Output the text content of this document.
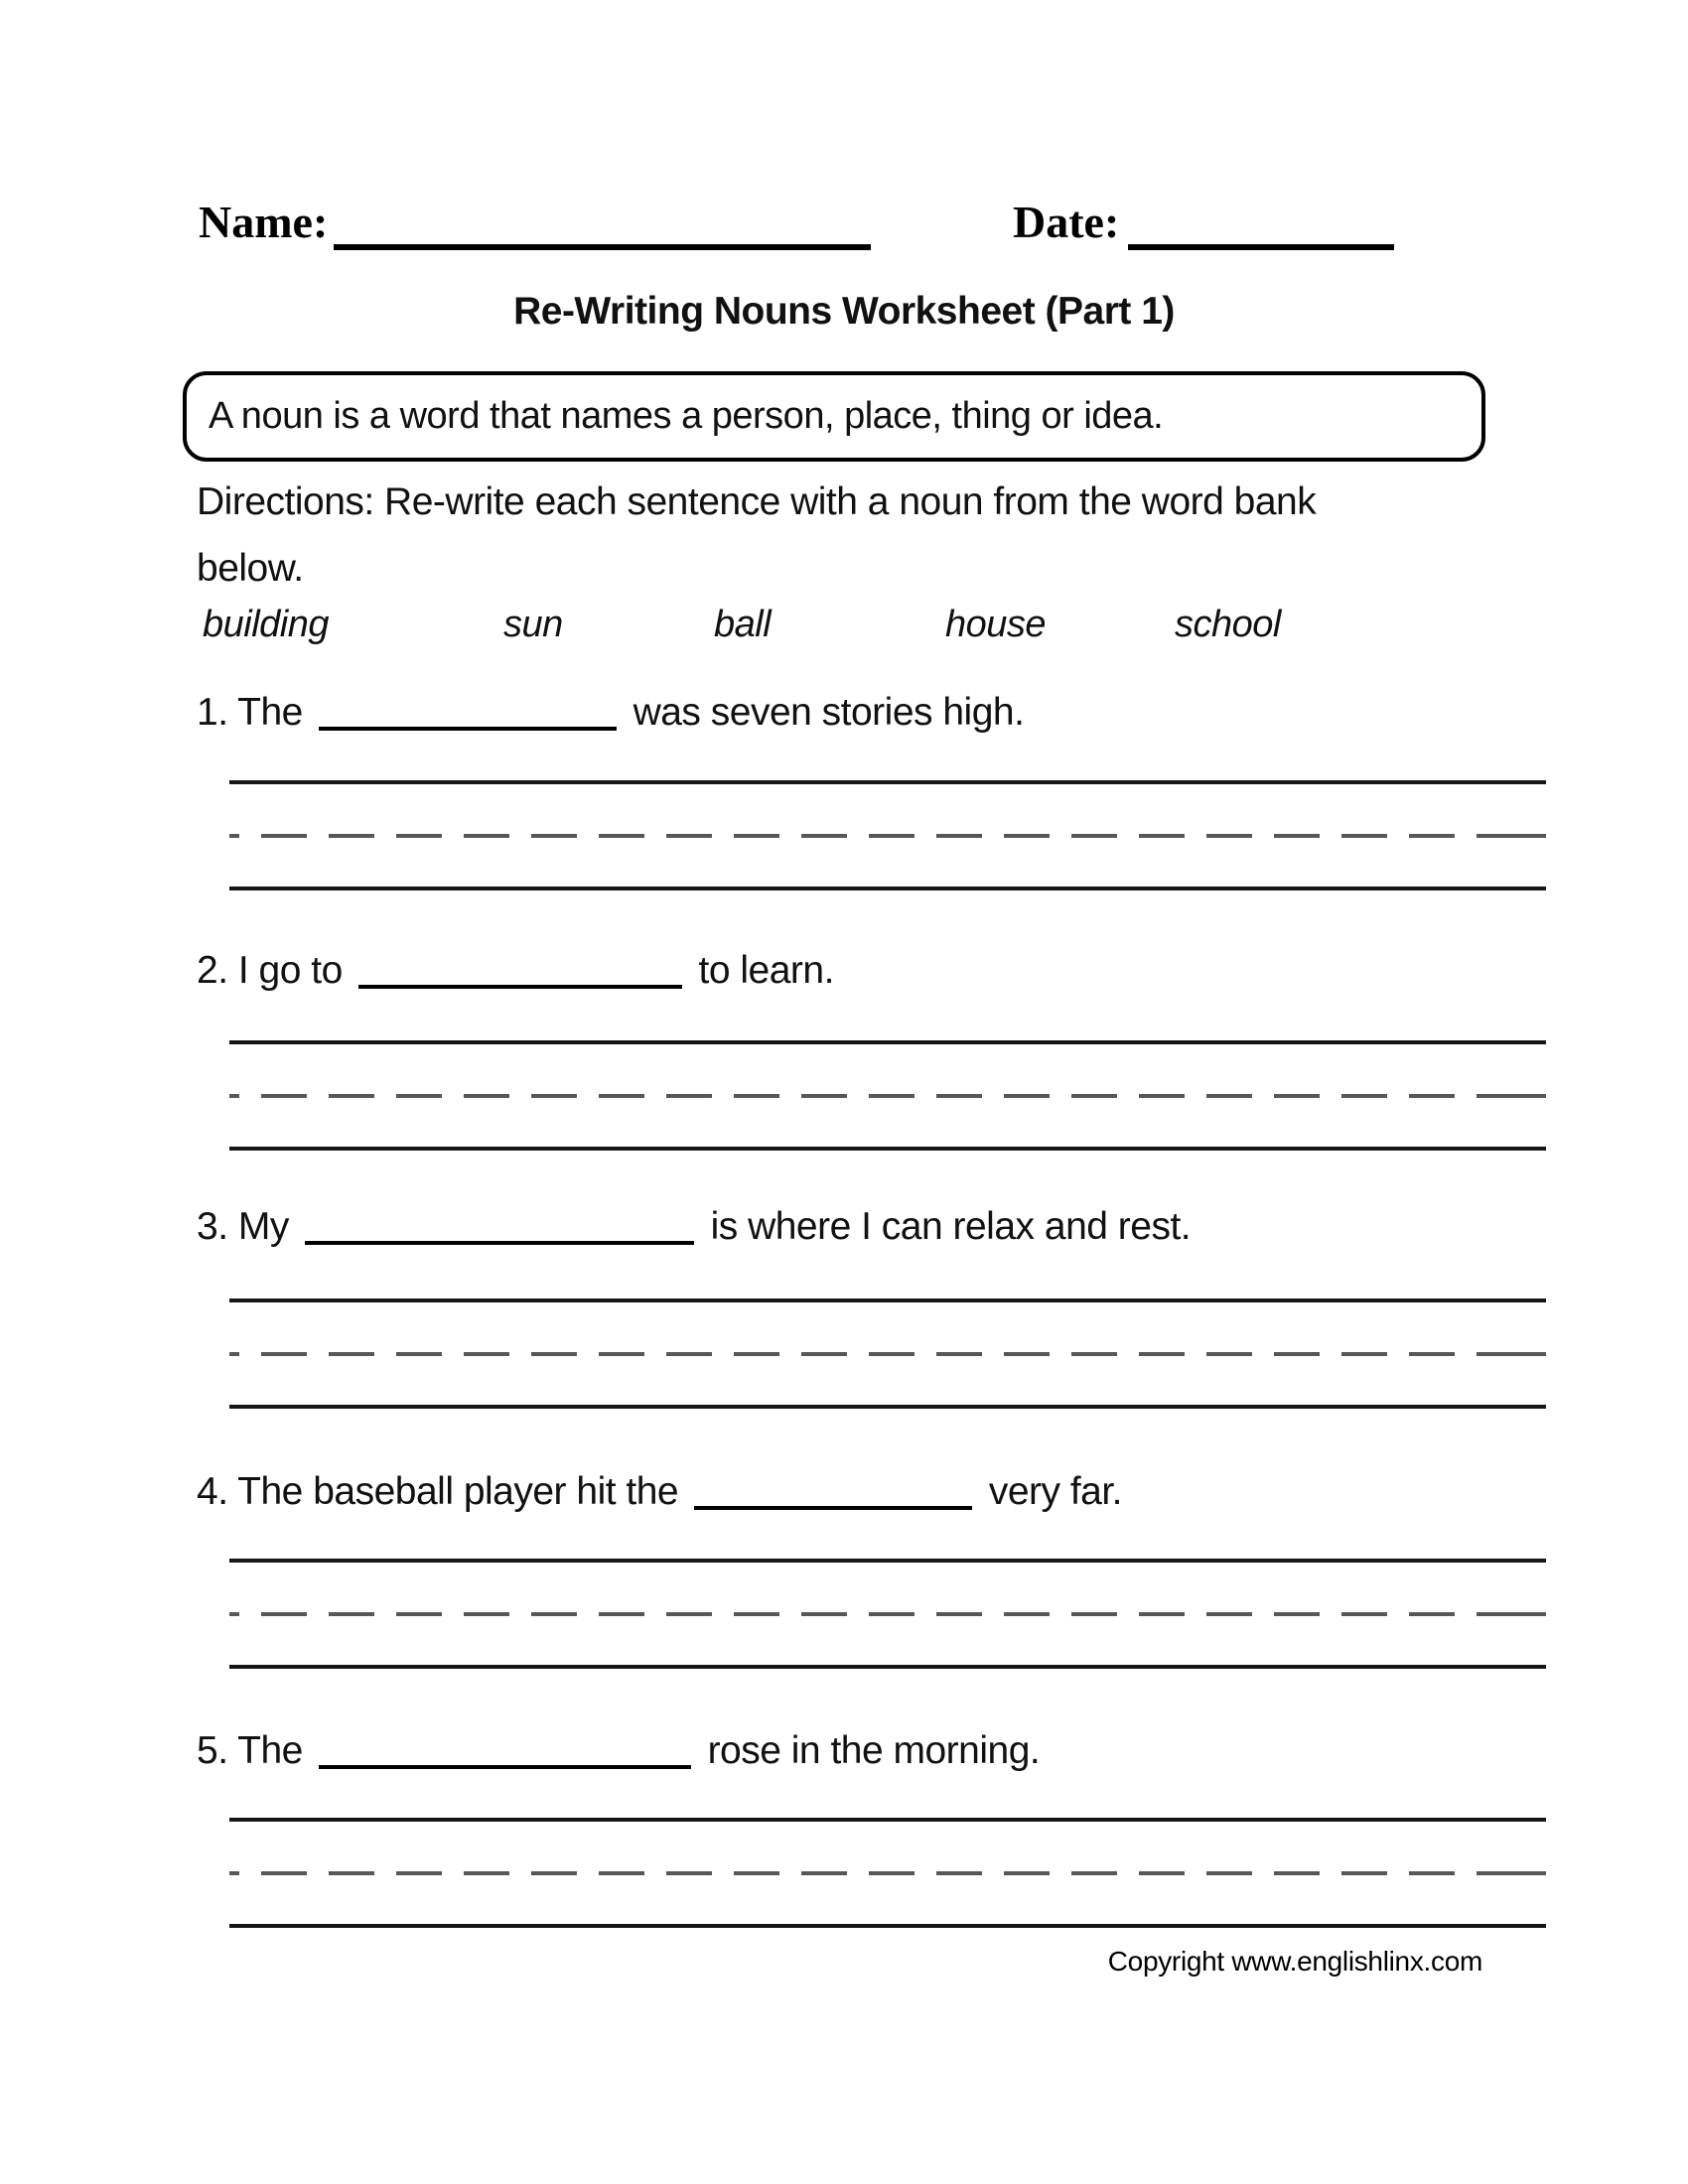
Name:	Date:
Re-Writing Nouns Worksheet (Part 1)
A noun is a word that names a person, place, thing or idea.
Directions: Re-write each sentence with a noun from the word bank
below.
building	sun	ball	house	school
1. The	was seven stories high.
2. I go to	to learn.
3. My	is where I can relax and rest.
4. The baseball player hit the	very far.
5. The	rose in the morning.
Copyright www.englishlinx.com
